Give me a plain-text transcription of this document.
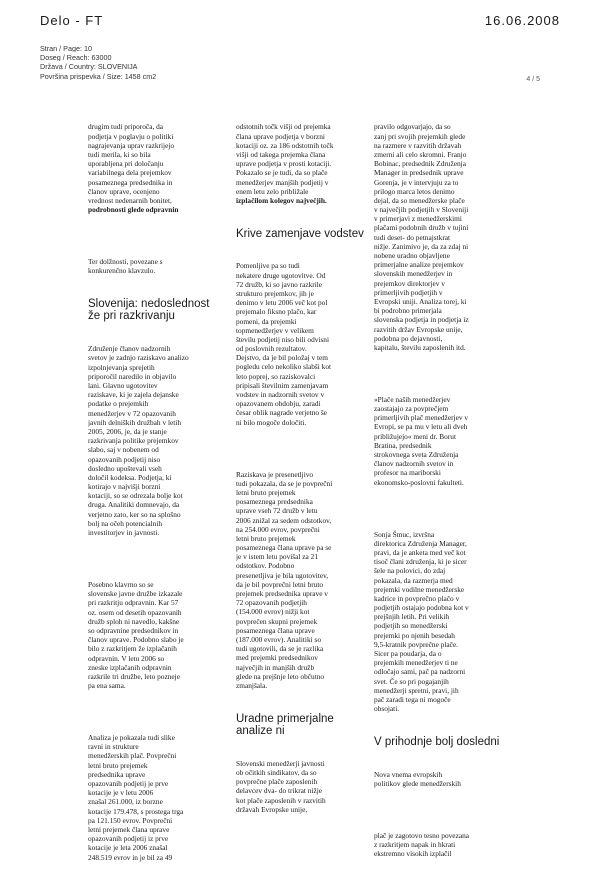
Delo - FT	16.06.2008
Stran / Page: 10
Doseg / Reach: 63000
Država / Country: SLOVENIJA
Površina prispevka / Size: 1458 cm2	4 / 5

drugim tudi priporoča, da
podjetja v poglavju o politiki
nagrajevanja uprav razkrijejo
tudi merila, ki so bila
uporabljena pri določanju
variabilnega dela prejemkov
posameznega predsednika in
članov uprave, ocenjeno
vrednost nedenarnih bonitet,
podrobnosti glede odpravnin

Ter dolžnosti, povezane s
konkurenčno klavzulo.

Slovenija: nedoslednost
že pri razkrivanju

Združenje članov nadzornih
svetov je zadnjo raziskavo analizo
izpolnjevanja sprejetih
priporočil naredilo in objavilo
lani. Glavno ugotovitev
raziskave, ki je zajela dejanske
podatke o prejemkih
menedžerjev v 72 opazovanih
javnih delniških družbah v letih
2005, 2006, je, da je stanje
razkrivanja politike prejemkov
slabo, saj v nobenem od
opazovanih podjetij niso
dosledno upoštevali vseh
določil kodeksa. Podjetja, ki
kotirajo v najvišji borzni
kotaciji, so se odrezala bolje kot
druga. Analitiki domnevajo, da
verjetno zato, ker so na splošno
bolj na očeh potencialnih
investitorjev in javnosti.

Posebno klavrno so se
slovenske javne družbe izkazale
pri razkritju odpravnin. Kar 57
oz. osem od desetih opazovanih
družb sploh ni navedlo, kakšne
so odpravnine predsednikov in
članov uprave. Podobno slabo je
bilo z razkritjem že izplačanih
odpravnin. V letu 2006 so
zneske izplačanih odpravnin
razkrile tri družbe, leto pozneje
pa ena sama.

Analiza je pokazala tudi slike
ravni in strukture
menedžerskih plač. Povprečni
letni bruto prejemek
predsednika uprave
opazovanih podjetij je prve
kotacije je v letu 2006
znašal 261.000, iz borzne
kotacije 179.478, s prostega trga
pa 121.150 evrov. Povprečni
letni prejemek člana uprave
opazovanih podjetij iz prve
kotacije je leta 2006 znašal
248.519 evrov in je bil za 49

odstotnih točk višji od prejemka
člana uprave podjetja v borzni
kotaciji oz. za 186 odstotnih točk
višji od takega prejemka člana
uprave podjetja v prosti kotaciji.
Pokazalo se je tudi, da so plače
menedžerjev manjših podjetij v
enem letu zelo približale
izplačilom kolegov največjih.

Krive zamenjave vodstev

Pomenljive pa so tudi
nekatere druge ugotovitve. Od
72 družb, ki so javno razkrile
strukturo prejemkov, jih je
denimo v letu 2006 več kot pol
prejemalo fiksno plačo, kar
pomeni, da prejemki
topmenedžerjev v velikem
številu podjetij niso bili odvisni
od poslovnih rezultatov.
Dejstvo, da je bil položaj v tem
pogledu celo nekoliko slabši kot
leto poprej, so raziskovalci
pripisali številnim zamenjavam
vodstev in nadzornih svetov v
opazovanem obdobju, zaradi
česar oblik nagrade verjetno še
ni bilo mogoče določiti.

Raziskava je presenetljivo
tudi pokazala, da se je povprečni
letni bruto prejemek
posameznega predsednika
uprave vseh 72 družb v letu
2006 znižal za sedem odstotkov,
na 254.000 evrov, povprečni
letni bruto prejemek
posameznega člana uprave pa se
je v istem letu povišal za 21
odstotkov. Podobno
presenetljiva je bila ugotovitev,
da je bil povprečni letni bruto
prejemek predsednika uprave v
72 opazovanih podjetjih
(154.000 evrov) nižji kot
povprečen skupni prejemek
posameznega člana uprave
(187.000 evrov). Analitiki so
tudi ugotovili, da se je razlika
med prejemki predsednikov
največjih in manjših družb
glede na prejšnje leto občutno
zmanjšala.

Uradne primerjalne
analize ni

Slovenski menedžerji javnosti
ob očitkih sindikatov, da so
povprečne plače zaposlenih
delavcev dva- do trikrat nižje
kot plače zaposlenih v razvitih
državah Evropske unije,

pravilo odgovarjajo, da so
zanj pri svojih prejemkih glede
na razmere v razvitih državah
zmerni ali celo skromni. Franjo
Bobinac, predsednik Združenja
Manager in predsednik uprave
Gorenja, je v intervjuju za to
prilogo marca letos denimo
dejal, da so menedžerske plače
v največjih podjetjih v Sloveniji
v primerjavi z menedžerskimi
plačami podobnih družb v tujini
tudi deset- do petnajstkrat
nižje. Zanimivo je, da za zdaj ni
nobene uradno objavljene
primerjalne analize prejemkov
slovenskih menedžerjev in
prejemkov direktorjev v
primerljivih podjetjih v
Evropski uniji. Analiza torej, ki
bi podrobno primerjala
slovenska podjetja in podjetja iz
razvitih držav Evropske unije,
podobna po dejavnosti,
kapitalu, številu zaposlenih itd.

»Plače naših menedžerjev
zaostajajo za povprečjem
primerljivih plač menedžerjev v
Evropi, se pa mu v letu ali dveh
približujejo« meni dr. Borut
Bratina, predsednik
strokovnega sveta Združenja
članov nadzornih svetov in
profesor na mariborski
ekonomsko-poslovni fakulteti.

Sonja Šmuc, izvršna
direktorica Združenja Manager,
pravi, da je anketa med več kot
tisoč člani združenja, ki je sicer
šele na polovici, do zdaj
pokazala, da razmerja med
prejemki vodilne menedžerske
kadrice in povprečno plačo v
podjetjih ostajajo podobna kot v
prejšnjih letih. Pri velikih
podjetjih so menedžerski
prejemki po njenih besedah
9,5-kratnik povprečne plače.
Sicer pa poudarja, da o
prejemkih menedžerjev ti ne
odločajo sami, pač pa nadzorni
svet. Če so pri pogajanjih
menedžerji spretni, pravi, jih
pač zaradi tega ni mogoče
obsojati.

V prihodnje bolj dosledni

Nova vnema evropskih
politikov glede menedžerskih

plač je zagotovo tesno povezana
z razkritjem napak in hkrati
ekstremno visokih izplačil
